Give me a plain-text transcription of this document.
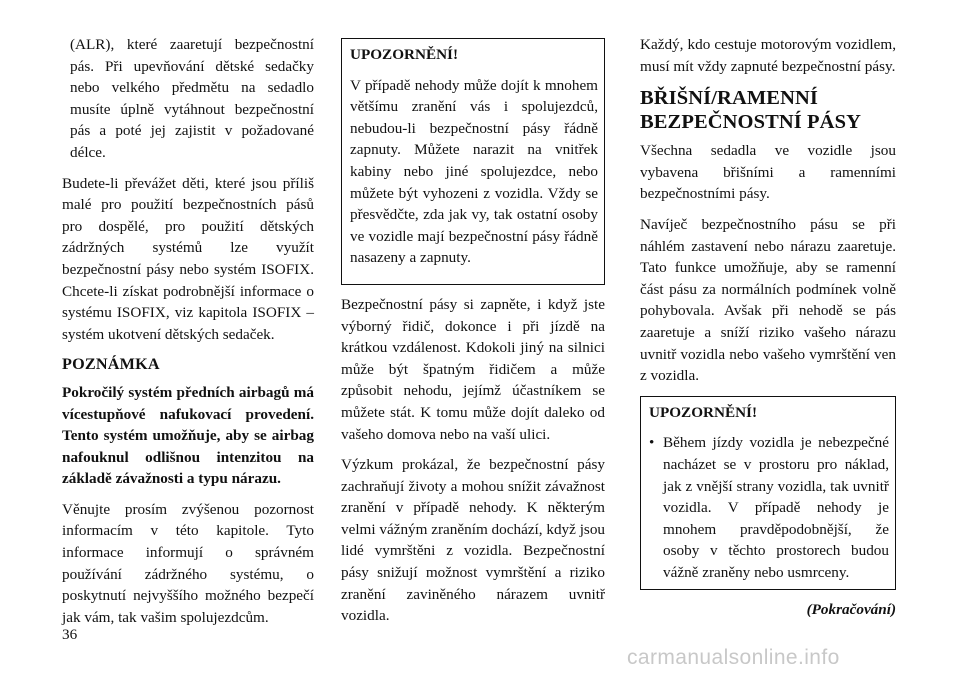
(ALR), které zaaretují bezpečnostní pás. Při upevňování dětské sedačky nebo velkého předmětu na sedadlo musíte úplně vytáhnout bezpečnostní pás a poté jej zajistit v požadované délce.

Budete-li převážet děti, které jsou příliš malé pro použití bezpečnostních pásů pro dospělé, pro použití dětských zádržných systémů lze využít bezpečnostní pásy nebo systém ISOFIX. Chcete-li získat podrobnější informace o systému ISOFIX, viz kapitola ISOFIX – systém ukotvení dětských sedaček.

POZNÁMKA

Pokročilý systém předních airbagů má vícestupňové nafukovací provedení. Tento systém umožňuje, aby se airbag nafouknul odlišnou intenzitou na základě závažnosti a typu nárazu.

Věnujte prosím zvýšenou pozornost informacím v této kapitole. Tyto informace informují o správném používání zádržného systému, o poskytnutí nejvyššího možného bezpečí jak vám, tak vašim spolujezdcům.

UPOZORNĚNÍ!

V případě nehody může dojít k mnohem většímu zranění vás i spolujezdců, nebudou-li bezpečnostní pásy řádně zapnuty. Můžete narazit na vnitřek kabiny nebo jiné spolujezdce, nebo můžete být vyhozeni z vozidla. Vždy se přesvědčte, zda jak vy, tak ostatní osoby ve vozidle mají bezpečnostní pásy řádně nasazeny a zapnuty.

Bezpečnostní pásy si zapněte, i když jste výborný řidič, dokonce i při jízdě na krátkou vzdálenost. Kdokoli jiný na silnici může být špatným řidičem a může způsobit nehodu, jejímž účastníkem se můžete stát. K tomu může dojít daleko od vašeho domova nebo na vaší ulici.

Výzkum prokázal, že bezpečnostní pásy zachraňují životy a mohou snížit závažnost zranění v případě nehody. K některým velmi vážným zraněním dochází, když jsou lidé vymrštěni z vozidla. Bezpečnostní pásy snižují možnost vymrštění a riziko zranění zaviněného nárazem uvnitř vozidla.

Každý, kdo cestuje motorovým vozidlem, musí mít vždy zapnuté bezpečnostní pásy.

BŘIŠNÍ/RAMENNÍ BEZPEČNOSTNÍ PÁSY

Všechna sedadla ve vozidle jsou vybavena břišními a ramenními bezpečnostními pásy.

Navíječ bezpečnostního pásu se při náhlém zastavení nebo nárazu zaaretuje. Tato funkce umožňuje, aby se ramenní část pásu za normálních podmínek volně pohybovala. Avšak při nehodě se pás zaaretuje a sníží riziko vašeho nárazu uvnitř vozidla nebo vašeho vymrštění ven z vozidla.

UPOZORNĚNÍ!

• Během jízdy vozidla je nebezpečné nacházet se v prostoru pro náklad, jak z vnější strany vozidla, tak uvnitř vozidla. V případě nehody je mnohem pravděpodobnější, že osoby v těchto prostorech budou vážně zraněny nebo usmrceny.
(Pokračování)
36
carmanualsonline.info
